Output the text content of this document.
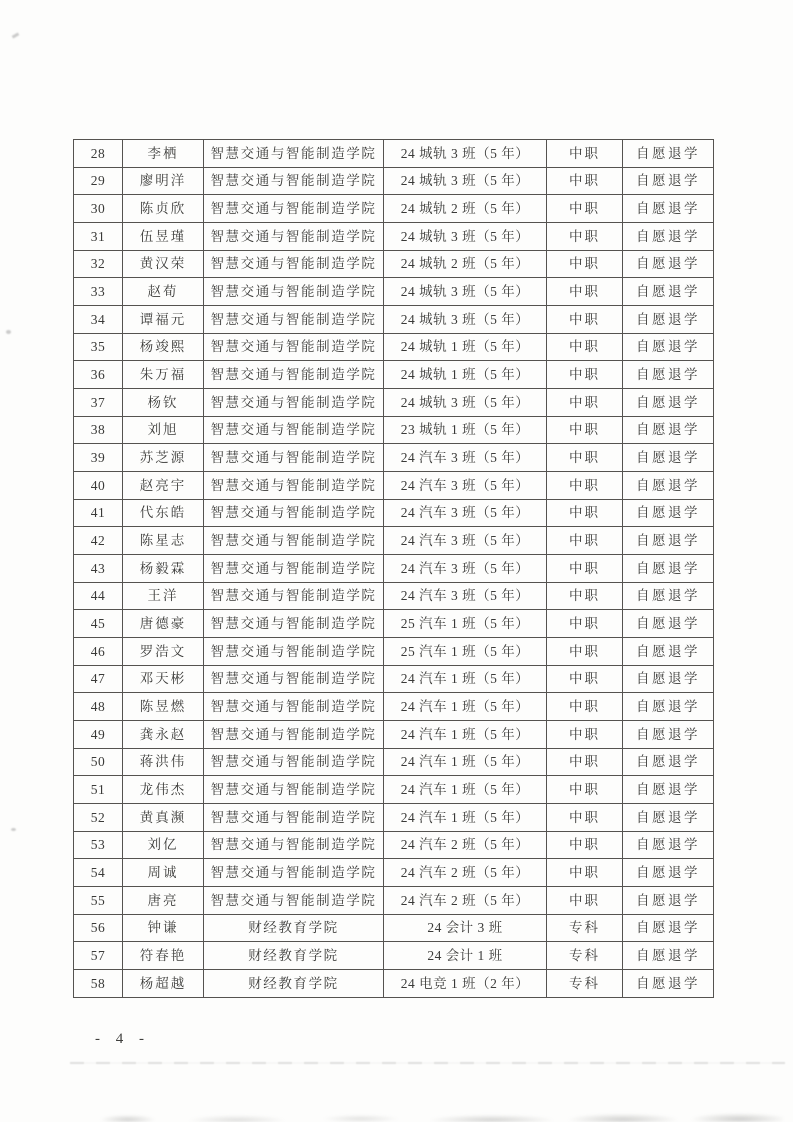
28	李栖	智慧交通与智能制造学院	24 城轨 3 班（5 年）	中职	自愿退学
29	廖明洋	智慧交通与智能制造学院	24 城轨 3 班（5 年）	中职	自愿退学
30	陈贞欣	智慧交通与智能制造学院	24 城轨 2 班（5 年）	中职	自愿退学
31	伍昱瑾	智慧交通与智能制造学院	24 城轨 3 班（5 年）	中职	自愿退学
32	黄汉荣	智慧交通与智能制造学院	24 城轨 2 班（5 年）	中职	自愿退学
33	赵荀	智慧交通与智能制造学院	24 城轨 3 班（5 年）	中职	自愿退学
34	谭福元	智慧交通与智能制造学院	24 城轨 3 班（5 年）	中职	自愿退学
35	杨竣熙	智慧交通与智能制造学院	24 城轨 1 班（5 年）	中职	自愿退学
36	朱万福	智慧交通与智能制造学院	24 城轨 1 班（5 年）	中职	自愿退学
37	杨钦	智慧交通与智能制造学院	24 城轨 3 班（5 年）	中职	自愿退学
38	刘旭	智慧交通与智能制造学院	23 城轨 1 班（5 年）	中职	自愿退学
39	苏芝源	智慧交通与智能制造学院	24 汽车 3 班（5 年）	中职	自愿退学
40	赵亮宇	智慧交通与智能制造学院	24 汽车 3 班（5 年）	中职	自愿退学
41	代东皓	智慧交通与智能制造学院	24 汽车 3 班（5 年）	中职	自愿退学
42	陈星志	智慧交通与智能制造学院	24 汽车 3 班（5 年）	中职	自愿退学
43	杨毅霖	智慧交通与智能制造学院	24 汽车 3 班（5 年）	中职	自愿退学
44	王洋	智慧交通与智能制造学院	24 汽车 3 班（5 年）	中职	自愿退学
45	唐德豪	智慧交通与智能制造学院	25 汽车 1 班（5 年）	中职	自愿退学
46	罗浩文	智慧交通与智能制造学院	25 汽车 1 班（5 年）	中职	自愿退学
47	邓天彬	智慧交通与智能制造学院	24 汽车 1 班（5 年）	中职	自愿退学
48	陈昱燃	智慧交通与智能制造学院	24 汽车 1 班（5 年）	中职	自愿退学
49	龚永赵	智慧交通与智能制造学院	24 汽车 1 班（5 年）	中职	自愿退学
50	蒋洪伟	智慧交通与智能制造学院	24 汽车 1 班（5 年）	中职	自愿退学
51	龙伟杰	智慧交通与智能制造学院	24 汽车 1 班（5 年）	中职	自愿退学
52	黄真濒	智慧交通与智能制造学院	24 汽车 1 班（5 年）	中职	自愿退学
53	刘亿	智慧交通与智能制造学院	24 汽车 2 班（5 年）	中职	自愿退学
54	周诚	智慧交通与智能制造学院	24 汽车 2 班（5 年）	中职	自愿退学
55	唐亮	智慧交通与智能制造学院	24 汽车 2 班（5 年）	中职	自愿退学
56	钟谦	财经教育学院	24 会计 3 班	专科	自愿退学
57	符春艳	财经教育学院	24 会计 1 班	专科	自愿退学
58	杨超越	财经教育学院	24 电竞 1 班（2 年）	专科	自愿退学
- 4 -
